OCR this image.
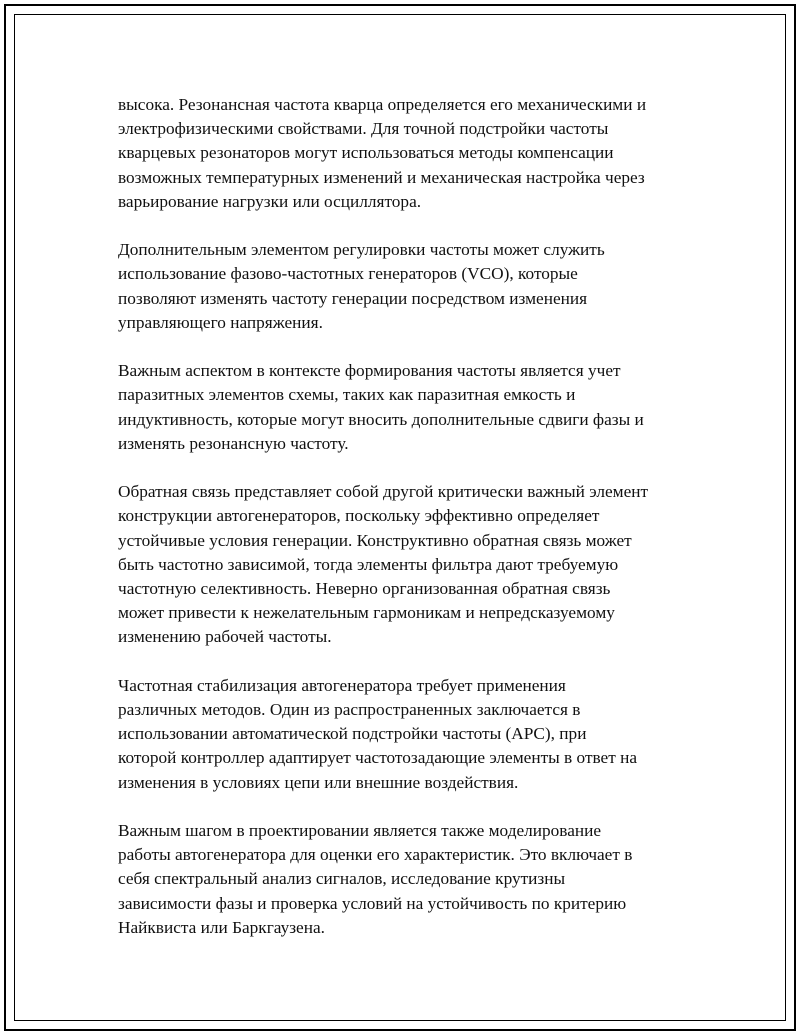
высока. Резонансная частота кварца определяется его механическими и
электрофизическими свойствами. Для точной подстройки частоты
кварцевых резонаторов могут использоваться методы компенсации
возможных температурных изменений и механическая настройка через
варьирование нагрузки или осциллятора.

Дополнительным элементом регулировки частоты может служить
использование фазово-частотных генераторов (VCO), которые
позволяют изменять частоту генерации посредством изменения
управляющего напряжения.

Важным аспектом в контексте формирования частоты является учет
паразитных элементов схемы, таких как паразитная емкость и
индуктивность, которые могут вносить дополнительные сдвиги фазы и
изменять резонансную частоту.

Обратная связь представляет собой другой критически важный элемент
конструкции автогенераторов, поскольку эффективно определяет
устойчивые условия генерации. Конструктивно обратная связь может
быть частотно зависимой, тогда элементы фильтра дают требуемую
частотную селективность. Неверно организованная обратная связь
может привести к нежелательным гармоникам и непредсказуемому
изменению рабочей частоты.

Частотная стабилизация автогенератора требует применения
различных методов. Один из распространенных заключается в
использовании автоматической подстройки частоты (APC), при
которой контроллер адаптирует частотозадающие элементы в ответ на
изменения в условиях цепи или внешние воздействия.

Важным шагом в проектировании является также моделирование
работы автогенератора для оценки его характеристик. Это включает в
себя спектральный анализ сигналов, исследование крутизны
зависимости фазы и проверка условий на устойчивость по критерию
Найквиста или Баркгаузена.
